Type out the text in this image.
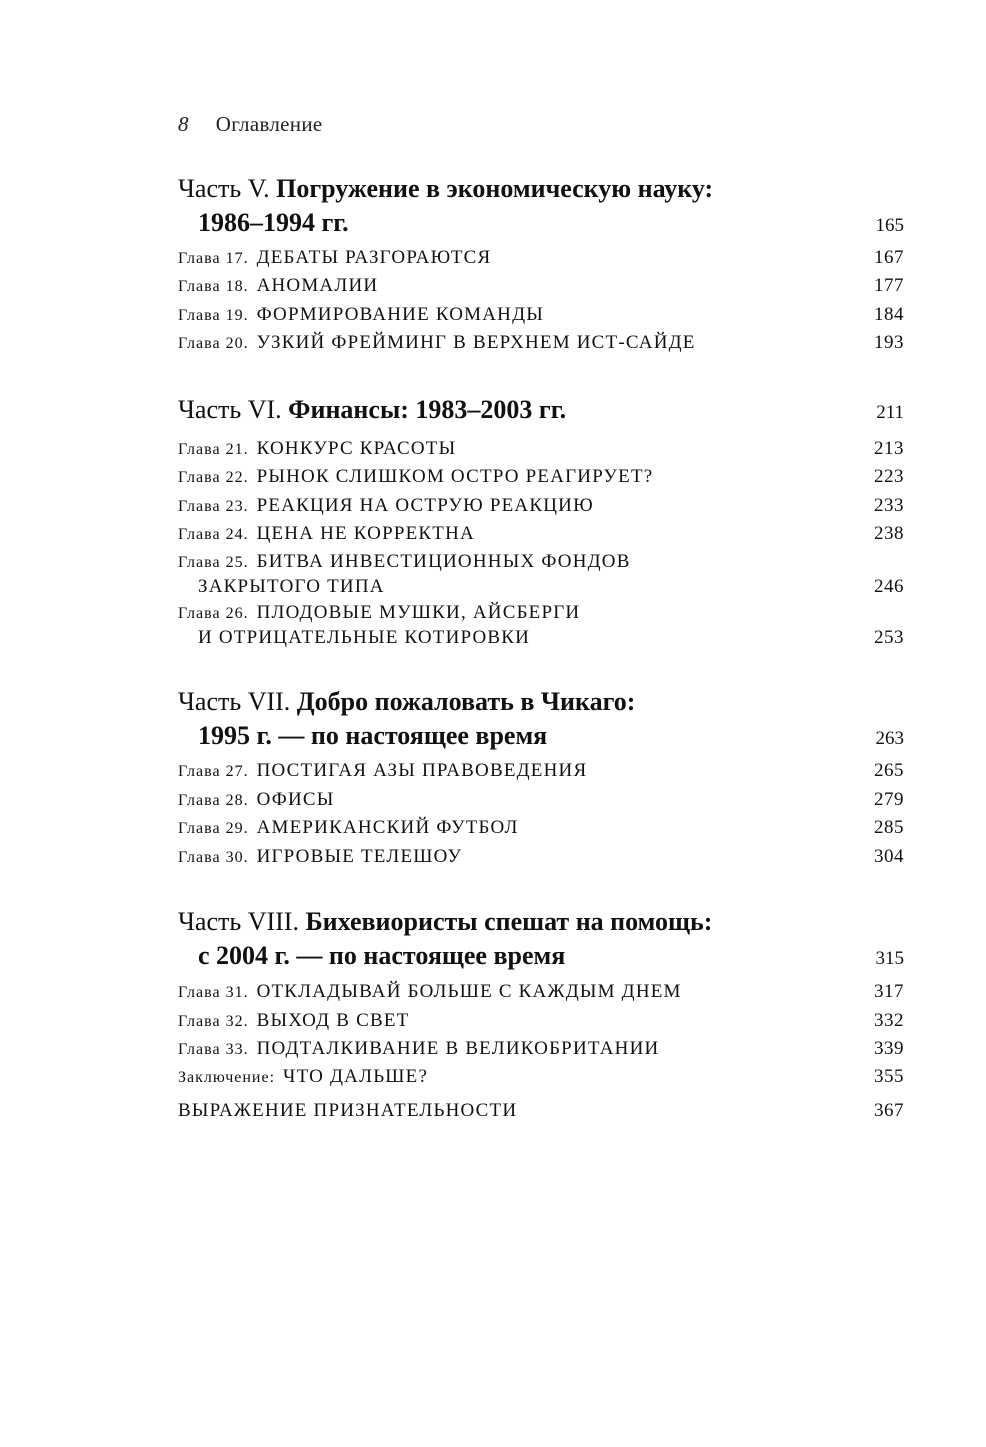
8 Оглавление
Часть V. Погружение в экономическую науку:
1986–1994 гг.	165
Глава 17. ДЕБАТЫ РАЗГОРАЮТСЯ	167
Глава 18. АНОМАЛИИ	177
Глава 19. ФОРМИРОВАНИЕ КОМАНДЫ	184
Глава 20. УЗКИЙ ФРЕЙМИНГ В ВЕРХНЕМ ИСТ-САЙДЕ	193
Часть VI. Финансы: 1983–2003 гг.	211
Глава 21. КОНКУРС КРАСОТЫ	213
Глава 22. РЫНОК СЛИШКОМ ОСТРО РЕАГИРУЕТ?	223
Глава 23. РЕАКЦИЯ НА ОСТРУЮ РЕАКЦИЮ	233
Глава 24. ЦЕНА НЕ КОРРЕКТНА	238
Глава 25. БИТВА ИНВЕСТИЦИОННЫХ ФОНДОВ
ЗАКРЫТОГО ТИПА	246
Глава 26. ПЛОДОВЫЕ МУШКИ, АЙСБЕРГИ
И ОТРИЦАТЕЛЬНЫЕ КОТИРОВКИ	253
Часть VII. Добро пожаловать в Чикаго:
1995 г. — по настоящее время	263
Глава 27. ПОСТИГАЯ АЗЫ ПРАВОВЕДЕНИЯ	265
Глава 28. ОФИСЫ	279
Глава 29. АМЕРИКАНСКИЙ ФУТБОЛ	285
Глава 30. ИГРОВЫЕ ТЕЛЕШОУ	304
Часть VIII. Бихевиористы спешат на помощь:
с 2004 г. — по настоящее время	315
Глава 31. ОТКЛАДЫВАЙ БОЛЬШЕ С КАЖДЫМ ДНЕМ	317
Глава 32. ВЫХОД В СВЕТ	332
Глава 33. ПОДТАЛКИВАНИЕ В ВЕЛИКОБРИТАНИИ	339
Заключение: ЧТО ДАЛЬШЕ?	355
ВЫРАЖЕНИЕ ПРИЗНАТЕЛЬНОСТИ	367
